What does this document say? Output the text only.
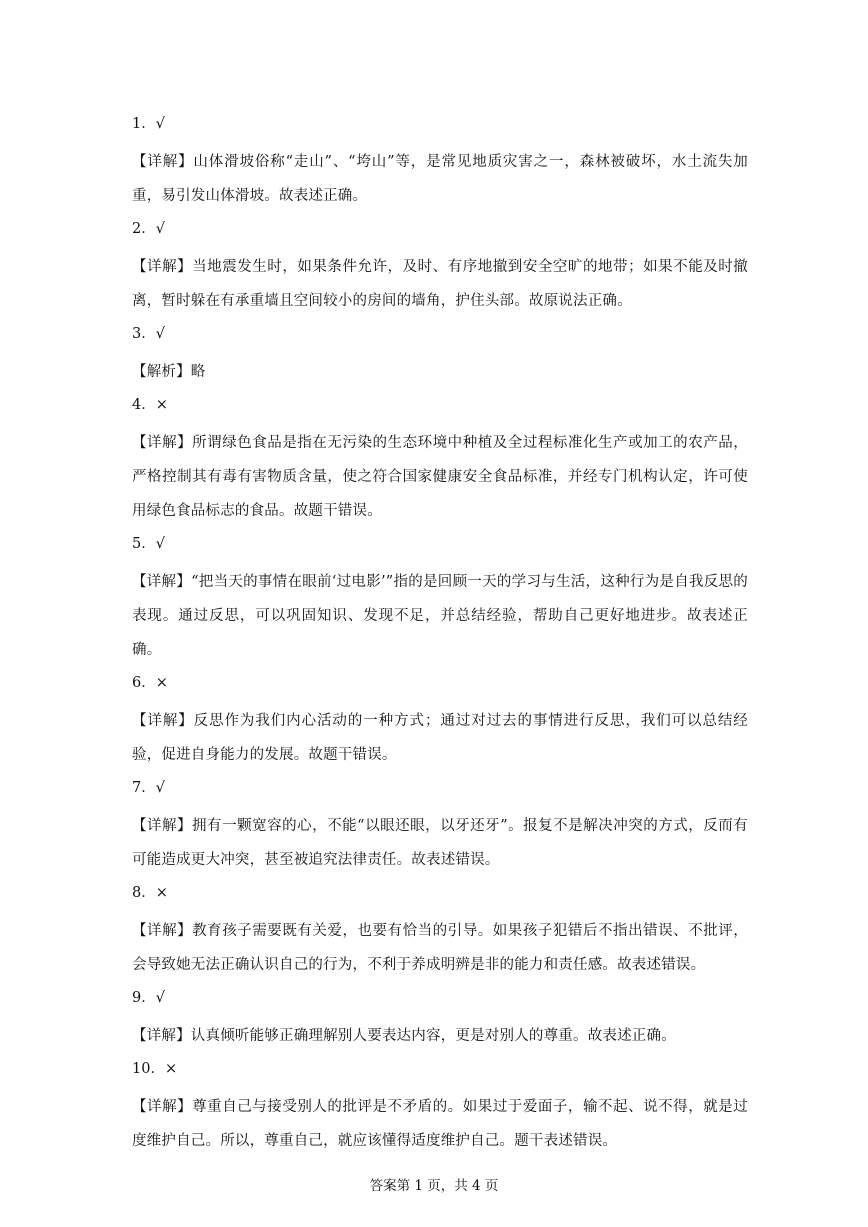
1．√

【详解】山体滑坡俗称“走山”、“垮山”等，是常见地质灾害之一，森林被破坏，水土流失加重，易引发山体滑坡。故表述正确。

2．√

【详解】当地震发生时，如果条件允许，及时、有序地撤到安全空旷的地带；如果不能及时撤离，暂时躲在有承重墙且空间较小的房间的墙角，护住头部。故原说法正确。

3．√

【解析】略

4．×

【详解】所谓绿色食品是指在无污染的生态环境中种植及全过程标准化生产或加工的农产品，严格控制其有毒有害物质含量，使之符合国家健康安全食品标准，并经专门机构认定，许可使用绿色食品标志的食品。故题干错误。

5．√

【详解】“把当天的事情在眼前‘过电影’”指的是回顾一天的学习与生活，这种行为是自我反思的表现。通过反思，可以巩固知识、发现不足，并总结经验，帮助自己更好地进步。故表述正确。

6．×

【详解】反思作为我们内心活动的一种方式；通过对过去的事情进行反思，我们可以总结经验，促进自身能力的发展。故题干错误。

7．√

【详解】拥有一颗宽容的心，不能“以眼还眼，以牙还牙”。报复不是解决冲突的方式，反而有可能造成更大冲突，甚至被追究法律责任。故表述错误。

8．×

【详解】教育孩子需要既有关爱，也要有恰当的引导。如果孩子犯错后不指出错误、不批评，会导致她无法正确认识自己的行为，不利于养成明辨是非的能力和责任感。故表述错误。

9．√

【详解】认真倾听能够正确理解别人要表达内容，更是对别人的尊重。故表述正确。

10．×

【详解】尊重自己与接受别人的批评是不矛盾的。如果过于爱面子，输不起、说不得，就是过度维护自己。所以，尊重自己，就应该懂得适度维护自己。题干表述错误。

答案第 1 页，共 4 页
